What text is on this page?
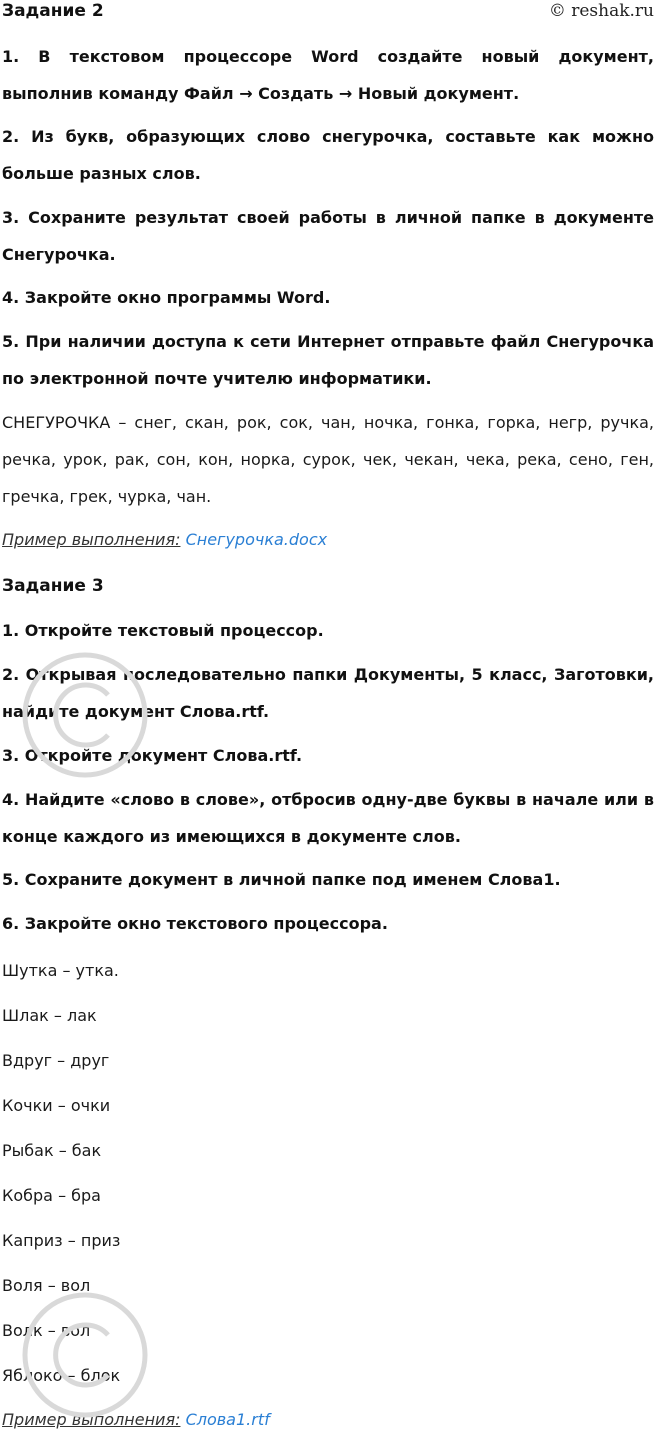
© reshak.ru
Задание 2
1. В текстовом процессоре Word создайте новый документ, выполнив команду Файл → Создать → Новый документ.
2. Из букв, образующих слово снегурочка, составьте как можно больше разных слов.
3. Сохраните результат своей работы в личной папке в документе Снегурочка.
4. Закройте окно программы Word.
5. При наличии доступа к сети Интернет отправьте файл Снегурочка по электронной почте учителю информатики.
СНЕГУРОЧКА – снег, скан, рок, сок, чан, ночка, гонка, горка, негр, ручка, речка, урок, рак, сон, кон, норка, сурок, чек, чекан, чека, река, сено, ген, гречка, грек, чурка, чан.
Пример выполнения: Снегурочка.docx
Задание 3
1. Откройте текстовый процессор.
2. Открывая последовательно папки Документы, 5 класс, Заготовки, найдите документ Слова.rtf.
3. Откройте документ Слова.rtf.
4. Найдите «слово в слове», отбросив одну-две буквы в начале или в конце каждого из имеющихся в документе слов.
5. Сохраните документ в личной папке под именем Слова1.
6. Закройте окно текстового процессора.
Шутка – утка.
Шлак – лак
Вдруг – друг
Кочки – очки
Рыбак – бак
Кобра – бра
Каприз – приз
Воля – вол
Волк – вол
Яблоко – блок
Пример выполнения: Слова1.rtf
